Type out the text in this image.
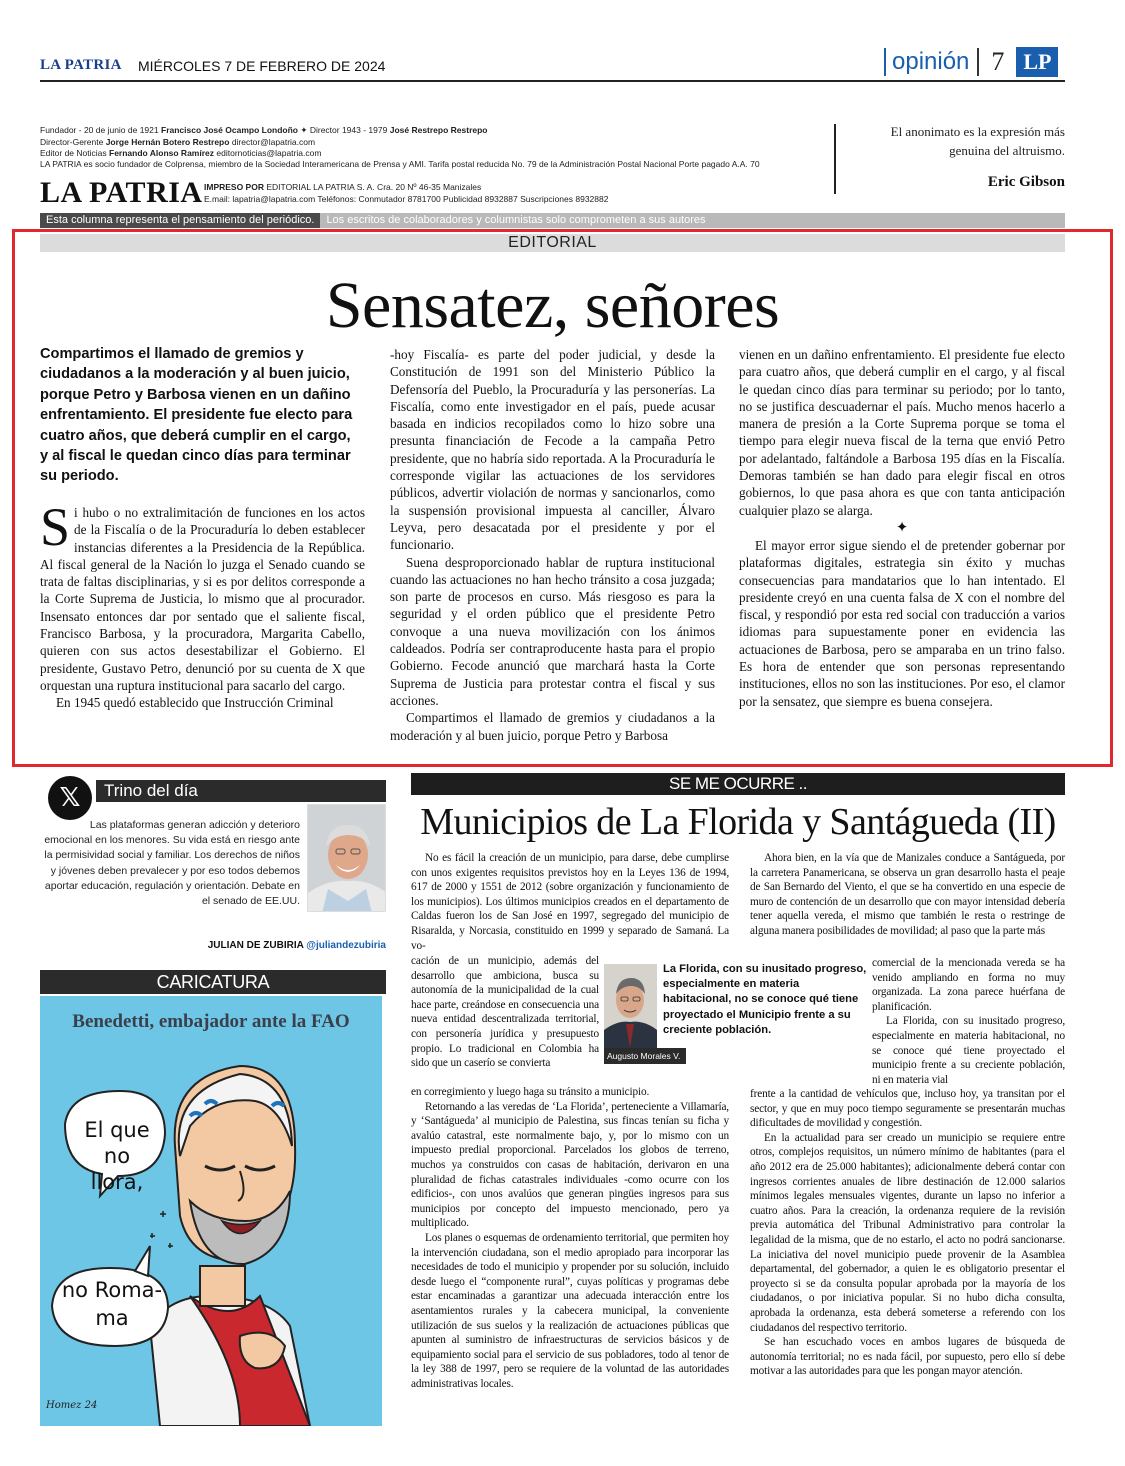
LA PATRIA MIÉRCOLES 7 DE FEBRERO DE 2024	opinión 7 LP
Fundador - 20 de junio de 1921 Francisco José Ocampo Londoño ✦ Director 1943 - 1979 José Restrepo Restrepo
Director-Gerente Jorge Hernán Botero Restrepo director@lapatria.com
Editor de Noticias Fernando Alonso Ramírez editornoticias@lapatria.com
LA PATRIA es socio fundador de Colprensa, miembro de la Sociedad Interamericana de Prensa y AMI. Tarifa postal reducida No. 79 de la Administración Postal Nacional Porte pagado A.A. 70
LA PATRIA IMPRESO POR EDITORIAL LA PATRIA S. A. Cra. 20 Nº 46-35 Manizales
E.mail: lapatria@lapatria.com Teléfonos: Conmutador 8781700 Publicidad 8932887 Suscripciones 8932882
El anonimato es la expresión más genuina del altruismo.
Eric Gibson
Esta columna representa el pensamiento del periódico.	Los escritos de colaboradores y columnistas solo comprometen a sus autores
EDITORIAL
Sensatez, señores
Compartimos el llamado de gremios y ciudadanos a la moderación y al buen juicio, porque Petro y Barbosa vienen en un dañino enfrentamiento. El presidente fue electo para cuatro años, que deberá cumplir en el cargo, y al fiscal le quedan cinco días para terminar su periodo.

Si hubo o no extralimitación de funciones en los actos de la Fiscalía o de la Procuraduría lo deben establecer instancias diferentes a la Presidencia de la República. Al fiscal general de la Nación lo juzga el Senado cuando se trata de faltas disciplinarias, y si es por delitos corresponde a la Corte Suprema de Justicia, lo mismo que al procurador. Insensato entonces dar por sentado que el saliente fiscal, Francisco Barbosa, y la procuradora, Margarita Cabello, quieren con sus actos desestabilizar el Gobierno. El presidente, Gustavo Petro, denunció por su cuenta de X que orquestan una ruptura institucional para sacarlo del cargo.

En 1945 quedó establecido que Instrucción Criminal

-hoy Fiscalía- es parte del poder judicial, y desde la Constitución de 1991 son del Ministerio Público la Defensoría del Pueblo, la Procuraduría y las personerías. La Fiscalía, como ente investigador en el país, puede acusar basada en indicios recopilados como lo hizo sobre una presunta financiación de Fecode a la campaña Petro presidente, que no habría sido reportada. A la Procuraduría le corresponde vigilar las actuaciones de los servidores públicos, advertir violación de normas y sancionarlos, como la suspensión provisional impuesta al canciller, Álvaro Leyva, pero desacatada por el presidente y por el funcionario.

Suena desproporcionado hablar de ruptura institucional cuando las actuaciones no han hecho tránsito a cosa juzgada; son parte de procesos en curso. Más riesgoso es para la seguridad y el orden público que el presidente Petro convoque a una nueva movilización con los ánimos caldeados. Podría ser contraproducente hasta para el propio Gobierno. Fecode anunció que marchará hasta la Corte Suprema de Justicia para protestar contra el fiscal y sus acciones.

Compartimos el llamado de gremios y ciudadanos a la moderación y al buen juicio, porque Petro y Barbosa

vienen en un dañino enfrentamiento. El presidente fue electo para cuatro años, que deberá cumplir en el cargo, y al fiscal le quedan cinco días para terminar su periodo; por lo tanto, no se justifica descuadernar el país. Mucho menos hacerlo a manera de presión a la Corte Suprema porque se toma el tiempo para elegir nueva fiscal de la terna que envió Petro por adelantado, faltándole a Barbosa 195 días en la Fiscalía. Demoras también se han dado para elegir fiscal en otros gobiernos, lo que pasa ahora es que con tanta anticipación cualquier plazo se alarga.

✦

El mayor error sigue siendo el de pretender gobernar por plataformas digitales, estrategia sin éxito y muchas consecuencias para mandatarios que lo han intentado. El presidente creyó en una cuenta falsa de X con el nombre del fiscal, y respondió por esta red social con traducción a varios idiomas para supuestamente poner en evidencia las actuaciones de Barbosa, pero se amparaba en un trino falso. Es hora de entender que son personas representando instituciones, ellos no son las instituciones. Por eso, el clamor por la sensatez, que siempre es buena consejera.

𝕏	Trino del día
Las plataformas generan adicción y deterioro emocional en los menores. Su vida está en riesgo ante la permisividad social y familiar. Los derechos de niños y jóvenes deben prevalecer y por eso todos debemos aportar educación, regulación y orientación. Debate en el senado de EE.UU.
JULIAN DE ZUBIRIA @juliandezubiria
CARICATURA
Benedetti, embajador ante la FAO
El que no llora,
no Roma-ma
Homez 24
SE ME OCURRE ..
Municipios de La Florida y Santágueda (II)

No es fácil la creación de un municipio, para darse, debe cumplirse con unos exigentes requisitos previstos hoy en la Leyes 136 de 1994, 617 de 2000 y 1551 de 2012 (sobre organización y funcionamiento de los municipios). Los últimos municipios creados en el departamento de Caldas fueron los de San José en 1997, segregado del municipio de Risaralda, y Norcasia, constituido en 1999 y separado de Samaná. La vo-

cación de un municipio, además del desarrollo que ambiciona, busca su autonomía de la municipalidad de la cual hace parte, creándose en consecuencia una nueva entidad descentralizada territorial, con personería jurídica y presupuesto propio. Lo tradicional en Colombia ha sido que un caserío se convierta

en corregimiento y luego haga su tránsito a municipio.

Retornando a las veredas de ‘La Florida’, perteneciente a Villamaría, y ‘Santágueda’ al municipio de Palestina, sus fincas tenían su ficha y avalúo catastral, este normalmente bajo, y, por lo mismo con un impuesto predial proporcional. Parcelados los globos de terreno, muchos ya construidos con casas de habitación, derivaron en una pluralidad de fichas catastrales individuales -como ocurre con los edificios-, con unos avalúos que generan pingües ingresos para sus municipios por concepto del impuesto mencionado, pero ya multiplicado.

Los planes o esquemas de ordenamiento territorial, que permiten hoy la intervención ciudadana, son el medio apropiado para incorporar las necesidades de todo el municipio y propender por su solución, incluido desde luego el “componente rural”, cuyas políticas y programas debe estar encaminadas a garantizar una adecuada interacción entre los asentamientos rurales y la cabecera municipal, la conveniente utilización de sus suelos y la realización de actuaciones públicas que apunten al suministro de infraestructuras de servicios básicos y de equipamiento social para el servicio de sus pobladores, todo al tenor de la ley 388 de 1997, pero se requiere de la voluntad de las autoridades administrativas locales.

Ahora bien, en la vía que de Manizales conduce a Santágueda, por la carretera Panamericana, se observa un gran desarrollo hasta el peaje de San Bernardo del Viento, el que se ha convertido en una especie de muro de contención de un desarrollo que con mayor intensidad debería tener aquella vereda, el mismo que también le resta o restringe de alguna manera posibilidades de movilidad; al paso que la parte más

comercial de la mencionada vereda se ha venido ampliando en forma no muy organizada. La zona parece huérfana de planificación.

La Florida, con su inusitado progreso, especialmente en materia habitacional, no se conoce qué tiene proyectado el municipio frente a su creciente población, ni en materia vial

frente a la cantidad de vehículos que, incluso hoy, ya transitan por el sector, y que en muy poco tiempo seguramente se presentarán muchas dificultades de movilidad y congestión.

En la actualidad para ser creado un municipio se requiere entre otros, complejos requisitos, un número mínimo de habitantes (para el año 2012 era de 25.000 habitantes); adicionalmente deberá contar con ingresos corrientes anuales de libre destinación de 12.000 salarios mínimos legales mensuales vigentes, durante un lapso no inferior a cuatro años. Para la creación, la ordenanza requiere de la revisión previa automática del Tribunal Administrativo para controlar la legalidad de la misma, que de no estarlo, el acto no podrá sancionarse. La iniciativa del novel municipio puede provenir de la Asamblea departamental, del gobernador, a quien le es obligatorio presentar el proyecto si se da consulta popular aprobada por la mayoría de los ciudadanos, o por iniciativa popular. Si no hubo dicha consulta, aprobada la ordenanza, esta deberá someterse a referendo con los ciudadanos del respectivo territorio.

Se han escuchado voces en ambos lugares de búsqueda de autonomía territorial; no es nada fácil, por supuesto, pero ello sí debe motivar a las autoridades para que les pongan mayor atención.

Augusto Morales V.
La Florida, con su inusitado progreso, especialmente en materia habitacional, no se conoce qué tiene proyectado el Municipio frente a su creciente población.
